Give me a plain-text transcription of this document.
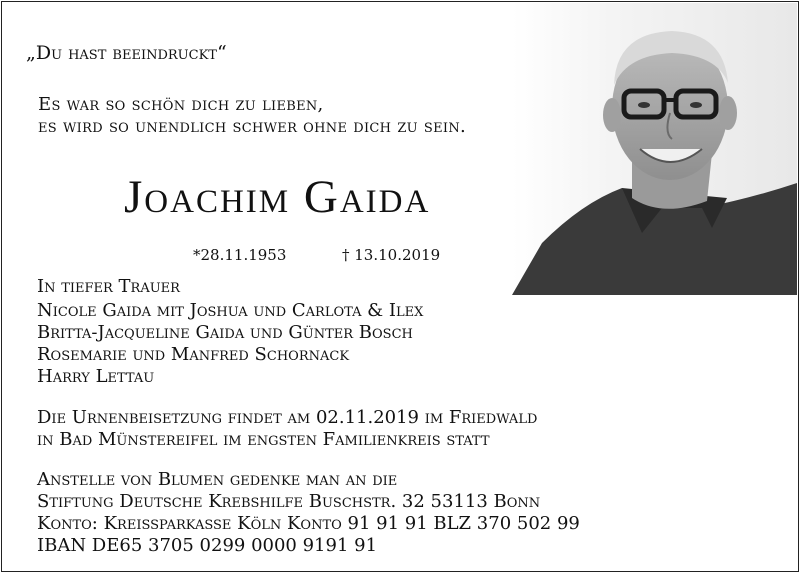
„Du hast beeindruckt“
Es war so schön dich zu lieben,
es wird so unendlich schwer ohne dich zu sein.
Joachim Gaida
*28.11.1953	† 13.10.2019
In tiefer Trauer
Nicole Gaida mit Joshua und Carlota & Ilex
Britta-Jacqueline Gaida und Günter Bosch
Rosemarie und Manfred Schornack
Harry Lettau
Die Urnenbeisetzung findet am 02.11.2019 im Friedwald
in Bad Münstereifel im engsten Familienkreis statt
Anstelle von Blumen gedenke man an die
Stiftung Deutsche Krebshilfe Buschstr. 32 53113 Bonn
Konto: Kreissparkasse Köln Konto 91 91 91 BLZ 370 502 99
IBAN DE65 3705 0299 0000 9191 91
